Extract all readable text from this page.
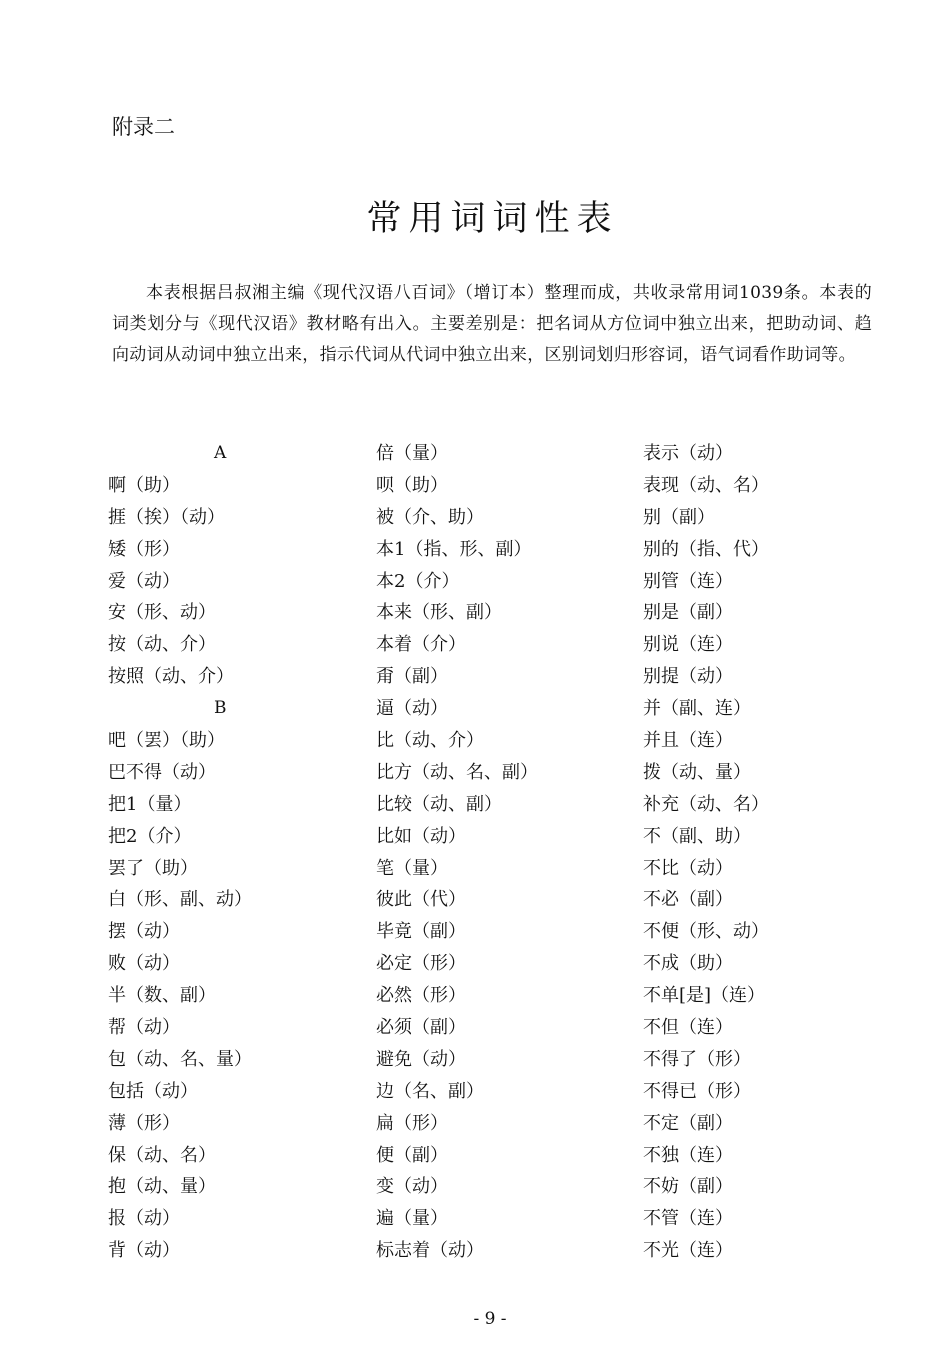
附录二
常用词词性表

本表根据吕叔湘主编《现代汉语八百词》（增订本）整理而成，共收录常用词1039条。本表的词类划分与《现代汉语》教材略有出入。主要差别是：把名词从方位词中独立出来，把助动词、趋向动词从动词中独立出来，指示代词从代词中独立出来，区别词划归形容词，语气词看作助词等。

A
啊（助）
捱（挨）（动）
矮（形）
爱（动）
安（形、动）
按（动、介）
按照（动、介）
B
吧（罢）（助）
巴不得（动）
把1（量）
把2（介）
罢了（助）
白（形、副、动）
摆（动）
败（动）
半（数、副）
帮（动）
包（动、名、量）
包括（动）
薄（形）
保（动、名）
抱（动、量）
报（动）
背（动）
倍（量）
呗（助）
被（介、助）
本1（指、形、副）
本2（介）
本来（形、副）
本着（介）
甭（副）
逼（动）
比（动、介）
比方（动、名、副）
比较（动、副）
比如（动）
笔（量）
彼此（代）
毕竟（副）
必定（形）
必然（形）
必须（副）
避免（动）
边（名、副）
扁（形）
便（副）
变（动）
遍（量）
标志着（动）
表示（动）
表现（动、名）
别（副）
别的（指、代）
别管（连）
别是（副）
别说（连）
别提（动）
并（副、连）
并且（连）
拨（动、量）
补充（动、名）
不（副、助）
不比（动）
不必（副）
不便（形、动）
不成（助）
不单[是]（连）
不但（连）
不得了（形）
不得已（形）
不定（副）
不独（连）
不妨（副）
不管（连）
不光（连）
- 9 -
